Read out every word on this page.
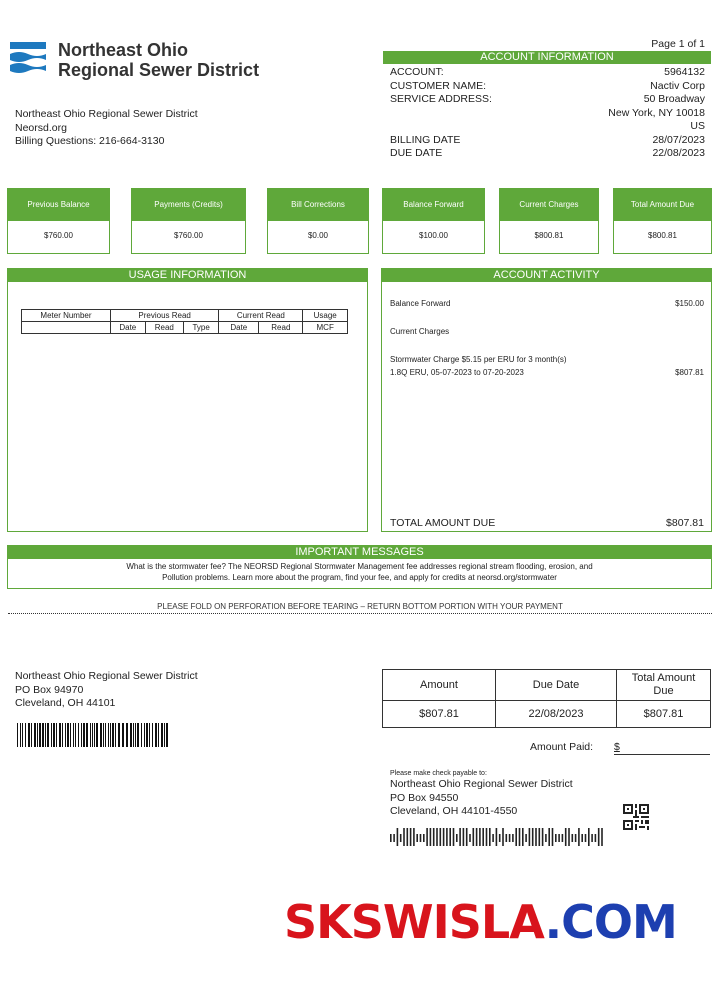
Northeast Ohio
Regional Sewer District
Northeast Ohio Regional Sewer District
Neorsd.org
Billing Questions: 216-664-3130
Page 1 of 1
ACCOUNT INFORMATION
ACCOUNT:	5964132
CUSTOMER NAME:	Nactiv Corp
SERVICE ADDRESS:	50 Broadway
New York, NY 10018
US
BILLING DATE	28/07/2023
DUE DATE	22/08/2023
Previous Balance
$760.00
Payments (Credits)
$760.00
Bill Corrections
$0.00
Balance Forward
$100.00
Current Charges
$800.81
Total Amount Due
$800.81
USAGE INFORMATION
Meter Number	Previous Read			Current Read		Usage
	Date	Read	Type	Date	Read	MCF
ACCOUNT ACTIVITY
Balance Forward	$150.00
Current Charges
Stormwater Charge $5.15 per ERU for 3 month(s)
1.8Q ERU, 05-07-2023 to 07-20-2023	$807.81
TOTAL AMOUNT DUE	$807.81
IMPORTANT MESSAGES
What is the stormwater fee? The NEORSD Regional Stormwater Management fee addresses regional stream flooding, erosion, and
Pollution problems. Learn more about the program, find your fee, and apply for credits at neorsd.org/stormwater
PLEASE FOLD ON PERFORATION BEFORE TEARING – RETURN BOTTOM PORTION WITH YOUR PAYMENT
Northeast Ohio Regional Sewer District
PO Box 94970
Cleveland, OH 44101
Amount	Due Date	Total Amount Due
$807.81	22/08/2023	$807.81
Amount Paid: $
Please make check payable to:
Northeast Ohio Regional Sewer District
PO Box 94550
Cleveland, OH 44101-4550
SKSWISLA.COM
